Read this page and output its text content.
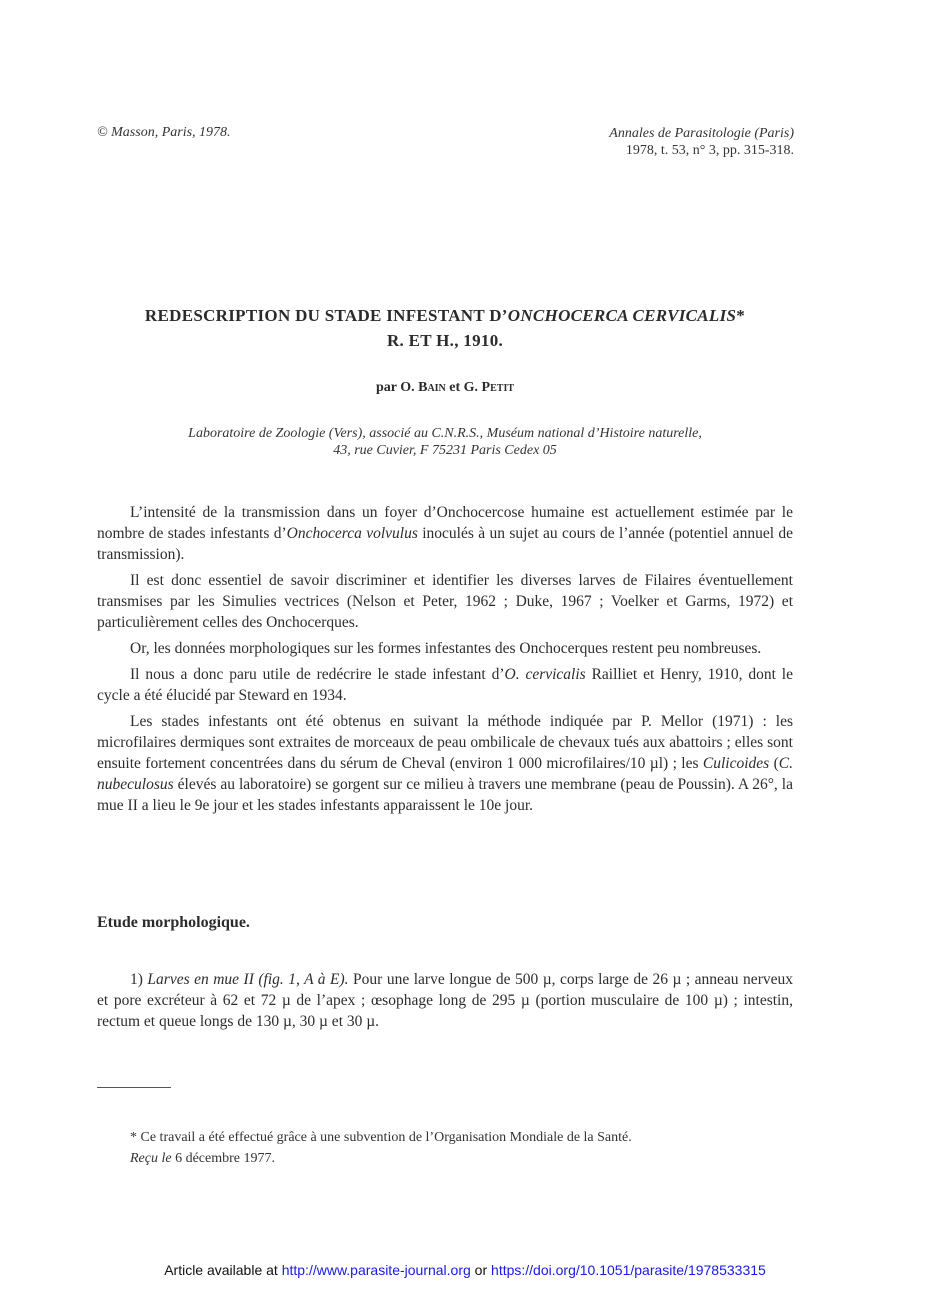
© Masson, Paris, 1978.	Annales de Parasitologie (Paris)
1978, t. 53, n° 3, pp. 315-318.
REDESCRIPTION DU STADE INFESTANT D’ONCHOCERCA CERVICALIS*
R. ET H., 1910.
par O. Bain et G. Petit
Laboratoire de Zoologie (Vers), associé au C.N.R.S., Muséum national d’Histoire naturelle,
43, rue Cuvier, F 75231 Paris Cedex 05

L’intensité de la transmission dans un foyer d’Onchocercose humaine est actuellement estimée par le nombre de stades infestants d’Onchocerca volvulus inoculés à un sujet au cours de l’année (potentiel annuel de transmission).

Il est donc essentiel de savoir discriminer et identifier les diverses larves de Filaires éventuellement transmises par les Simulies vectrices (Nelson et Peter, 1962 ; Duke, 1967 ; Voelker et Garms, 1972) et particulièrement celles des Onchocerques.

Or, les données morphologiques sur les formes infestantes des Onchocerques restent peu nombreuses.

Il nous a donc paru utile de redécrire le stade infestant d’O. cervicalis Railliet et Henry, 1910, dont le cycle a été élucidé par Steward en 1934.

Les stades infestants ont été obtenus en suivant la méthode indiquée par P. Mellor (1971) : les microfilaires dermiques sont extraites de morceaux de peau ombilicale de chevaux tués aux abattoirs ; elles sont ensuite fortement concentrées dans du sérum de Cheval (environ 1 000 microfilaires/10 µl) ; les Culicoides (C. nubeculosus élevés au laboratoire) se gorgent sur ce milieu à travers une membrane (peau de Poussin). A 26°, la mue II a lieu le 9e jour et les stades infestants apparaissent le 10e jour.

Etude morphologique.

1) Larves en mue II (fig. 1, A à E). Pour une larve longue de 500 µ, corps large de 26 µ ; anneau nerveux et pore excréteur à 62 et 72 µ de l’apex ; œsophage long de 295 µ (portion musculaire de 100 µ) ; intestin, rectum et queue longs de 130 µ, 30 µ et 30 µ.

* Ce travail a été effectué grâce à une subvention de l’Organisation Mondiale de la Santé.
Reçu le 6 décembre 1977.
Article available at http://www.parasite-journal.org or https://doi.org/10.1051/parasite/1978533315
